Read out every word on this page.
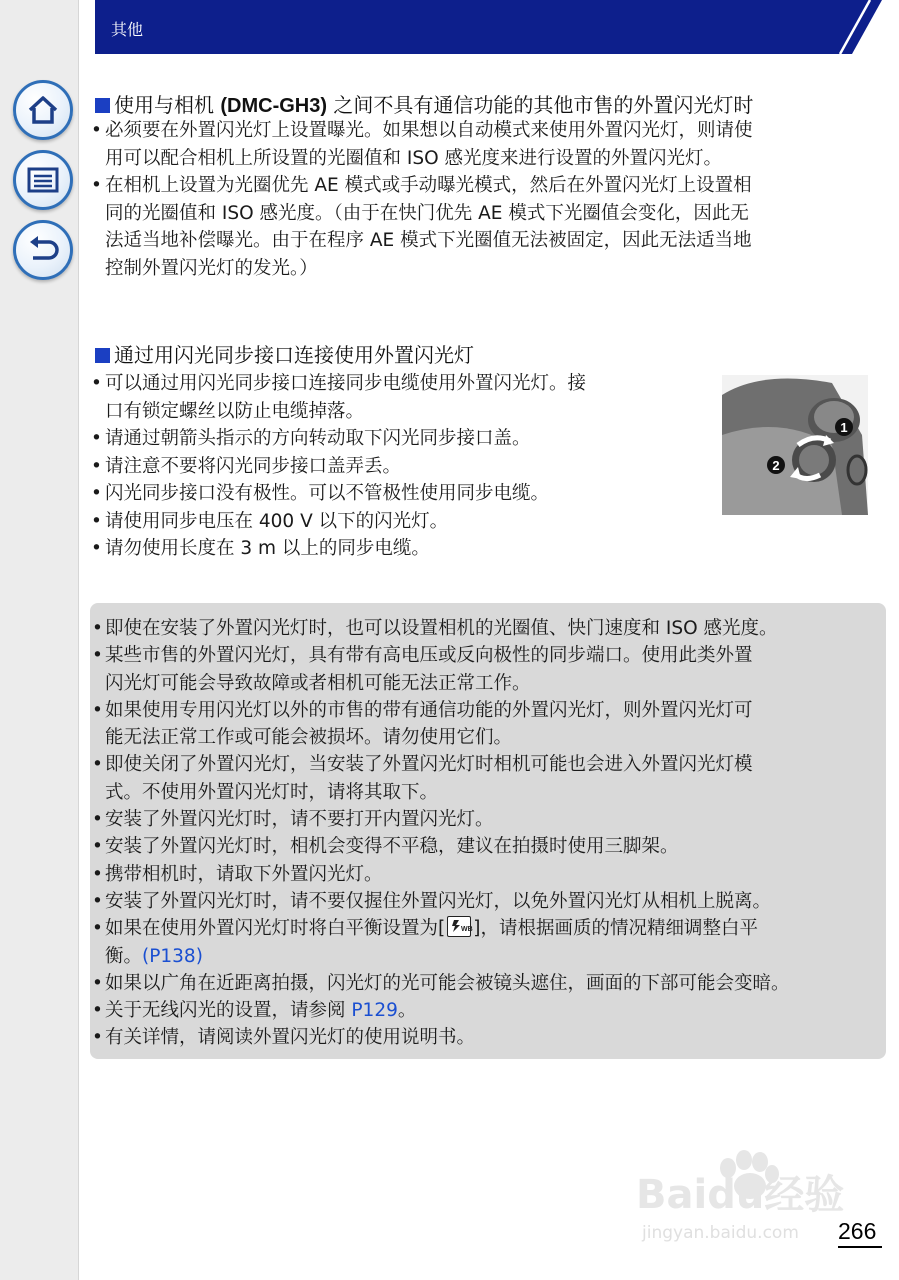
其他
使用与相机 (DMC-GH3) 之间不具有通信功能的其他市售的外置闪光灯时
• 必须要在外置闪光灯上设置曝光。如果想以自动模式来使用外置闪光灯，则请使
用可以配合相机上所设置的光圈值和 ISO 感光度来进行设置的外置闪光灯。
• 在相机上设置为光圈优先 AE 模式或手动曝光模式，然后在外置闪光灯上设置相
同的光圈值和 ISO 感光度。（由于在快门优先 AE 模式下光圈值会变化，因此无
法适当地补偿曝光。由于在程序 AE 模式下光圈值无法被固定，因此无法适当地
控制外置闪光灯的发光。）
通过用闪光同步接口连接使用外置闪光灯
• 可以通过用闪光同步接口连接同步电缆使用外置闪光灯。接
口有锁定螺丝以防止电缆掉落。
• 请通过朝箭头指示的方向转动取下闪光同步接口盖。
• 请注意不要将闪光同步接口盖弄丢。
• 闪光同步接口没有极性。可以不管极性使用同步电缆。
• 请使用同步电压在 400 V 以下的闪光灯。
• 请勿使用长度在 3 m 以上的同步电缆。
1
2
• 即使在安装了外置闪光灯时，也可以设置相机的光圈值、快门速度和 ISO 感光度。
• 某些市售的外置闪光灯，具有带有高电压或反向极性的同步端口。使用此类外置
闪光灯可能会导致故障或者相机可能无法正常工作。
• 如果使用专用闪光灯以外的市售的带有通信功能的外置闪光灯，则外置闪光灯可
能无法正常工作或可能会被损坏。请勿使用它们。
• 即使关闭了外置闪光灯，当安装了外置闪光灯时相机可能也会进入外置闪光灯模
式。不使用外置闪光灯时，请将其取下。
• 安装了外置闪光灯时，请不要打开内置闪光灯。
• 安装了外置闪光灯时，相机会变得不平稳，建议在拍摄时使用三脚架。
• 携带相机时，请取下外置闪光灯。
• 安装了外置闪光灯时，请不要仅握住外置闪光灯，以免外置闪光灯从相机上脱离。
• 如果在使用外置闪光灯时将白平衡设置为[ WB ]，请根据画质的情况精细调整白平
衡。(P138)
• 如果以广角在近距离拍摄，闪光灯的光可能会被镜头遮住，画面的下部可能会变暗。
• 关于无线闪光的设置，请参阅 P129。
• 有关详情，请阅读外置闪光灯的使用说明书。
Baidu经验
jingyan.baidu.com 266
